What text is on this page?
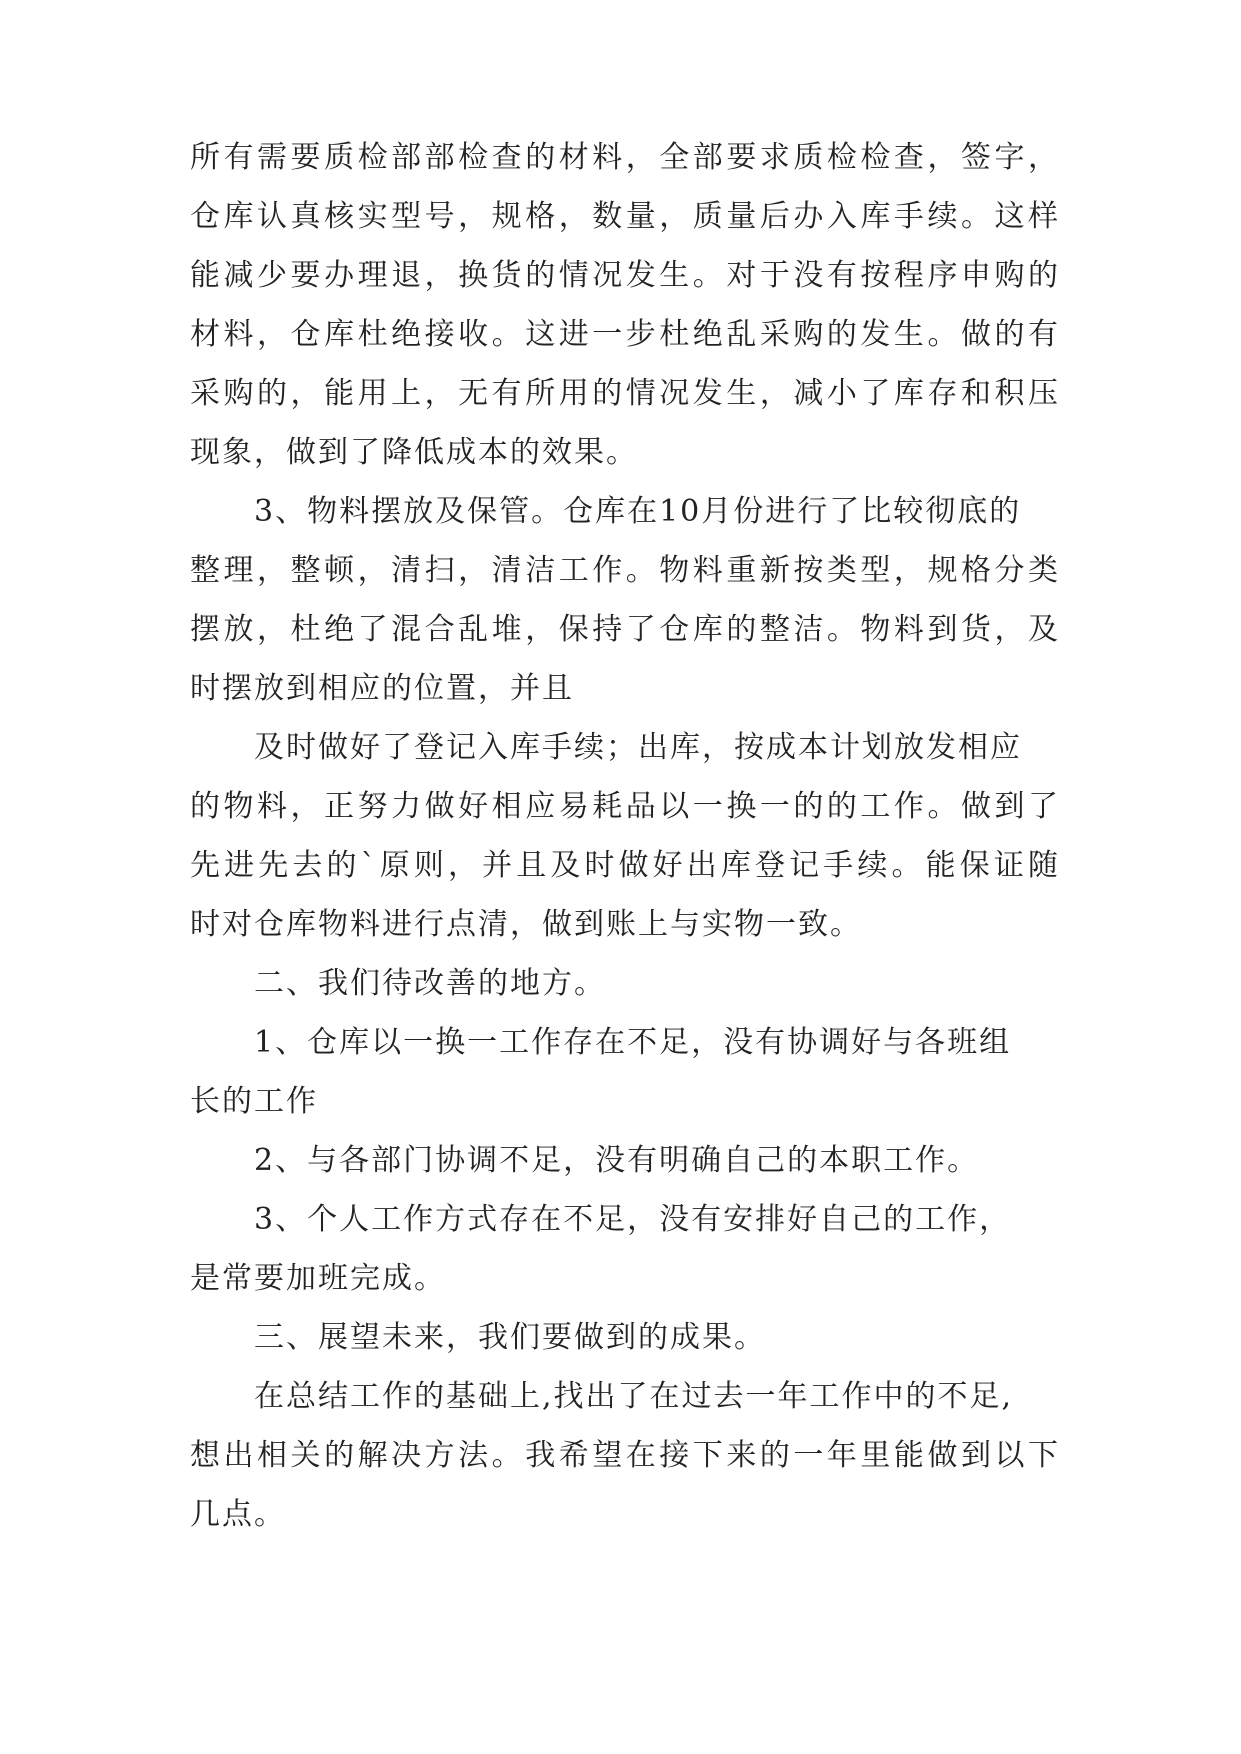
所有需要质检部部检查的材料，全部要求质检检查，签字，
仓库认真核实型号，规格，数量，质量后办入库手续。这样
能减少要办理退，换货的情况发生。对于没有按程序申购的
材料，仓库杜绝接收。这进一步杜绝乱采购的发生。做的有
采购的，能用上，无有所用的情况发生，减小了库存和积压
现象，做到了降低成本的效果。
3、物料摆放及保管。仓库在10月份进行了比较彻底的
整理，整顿，清扫，清洁工作。物料重新按类型，规格分类
摆放，杜绝了混合乱堆，保持了仓库的整洁。物料到货，及
时摆放到相应的位置，并且
及时做好了登记入库手续；出库，按成本计划放发相应
的物料，正努力做好相应易耗品以一换一的的工作。做到了
先进先去的`原则，并且及时做好出库登记手续。能保证随
时对仓库物料进行点清，做到账上与实物一致。
二、我们待改善的地方。
1、仓库以一换一工作存在不足，没有协调好与各班组
长的工作
2、与各部门协调不足，没有明确自己的本职工作。
3、个人工作方式存在不足，没有安排好自己的工作，
是常要加班完成。
三、展望未来，我们要做到的成果。
在总结工作的基础上,找出了在过去一年工作中的不足,
想出相关的解决方法。我希望在接下来的一年里能做到以下
几点。
